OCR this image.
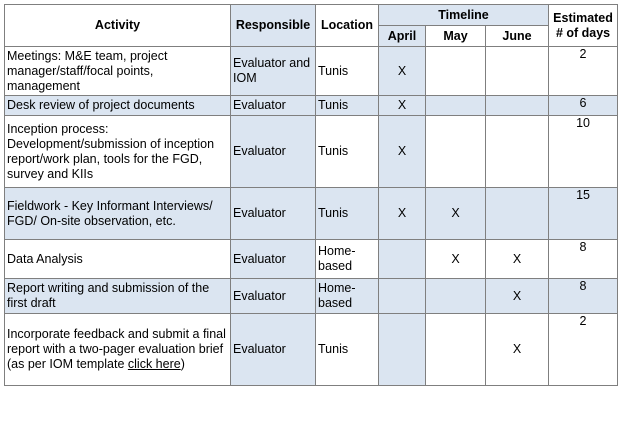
Activity	Responsible	Location	Timeline			Estimated # of days
			April	May	June	
Meetings: M&E team, project manager/staff/focal points, management	Evaluator and IOM	Tunis	X			2
Desk review of project documents	Evaluator	Tunis	X			6
Inception process: Development/submission of inception report/work plan, tools for the FGD, survey and KIIs	Evaluator	Tunis	X			10
Fieldwork - Key Informant Interviews/ FGD/ On-site observation, etc.	Evaluator	Tunis	X	X		15
Data Analysis	Evaluator	Home-based		X	X	8
Report writing and submission of the first draft	Evaluator	Home-based			X	8
Incorporate feedback and submit a final report with a two-pager evaluation brief (as per IOM template click here)	Evaluator	Tunis			X	2
